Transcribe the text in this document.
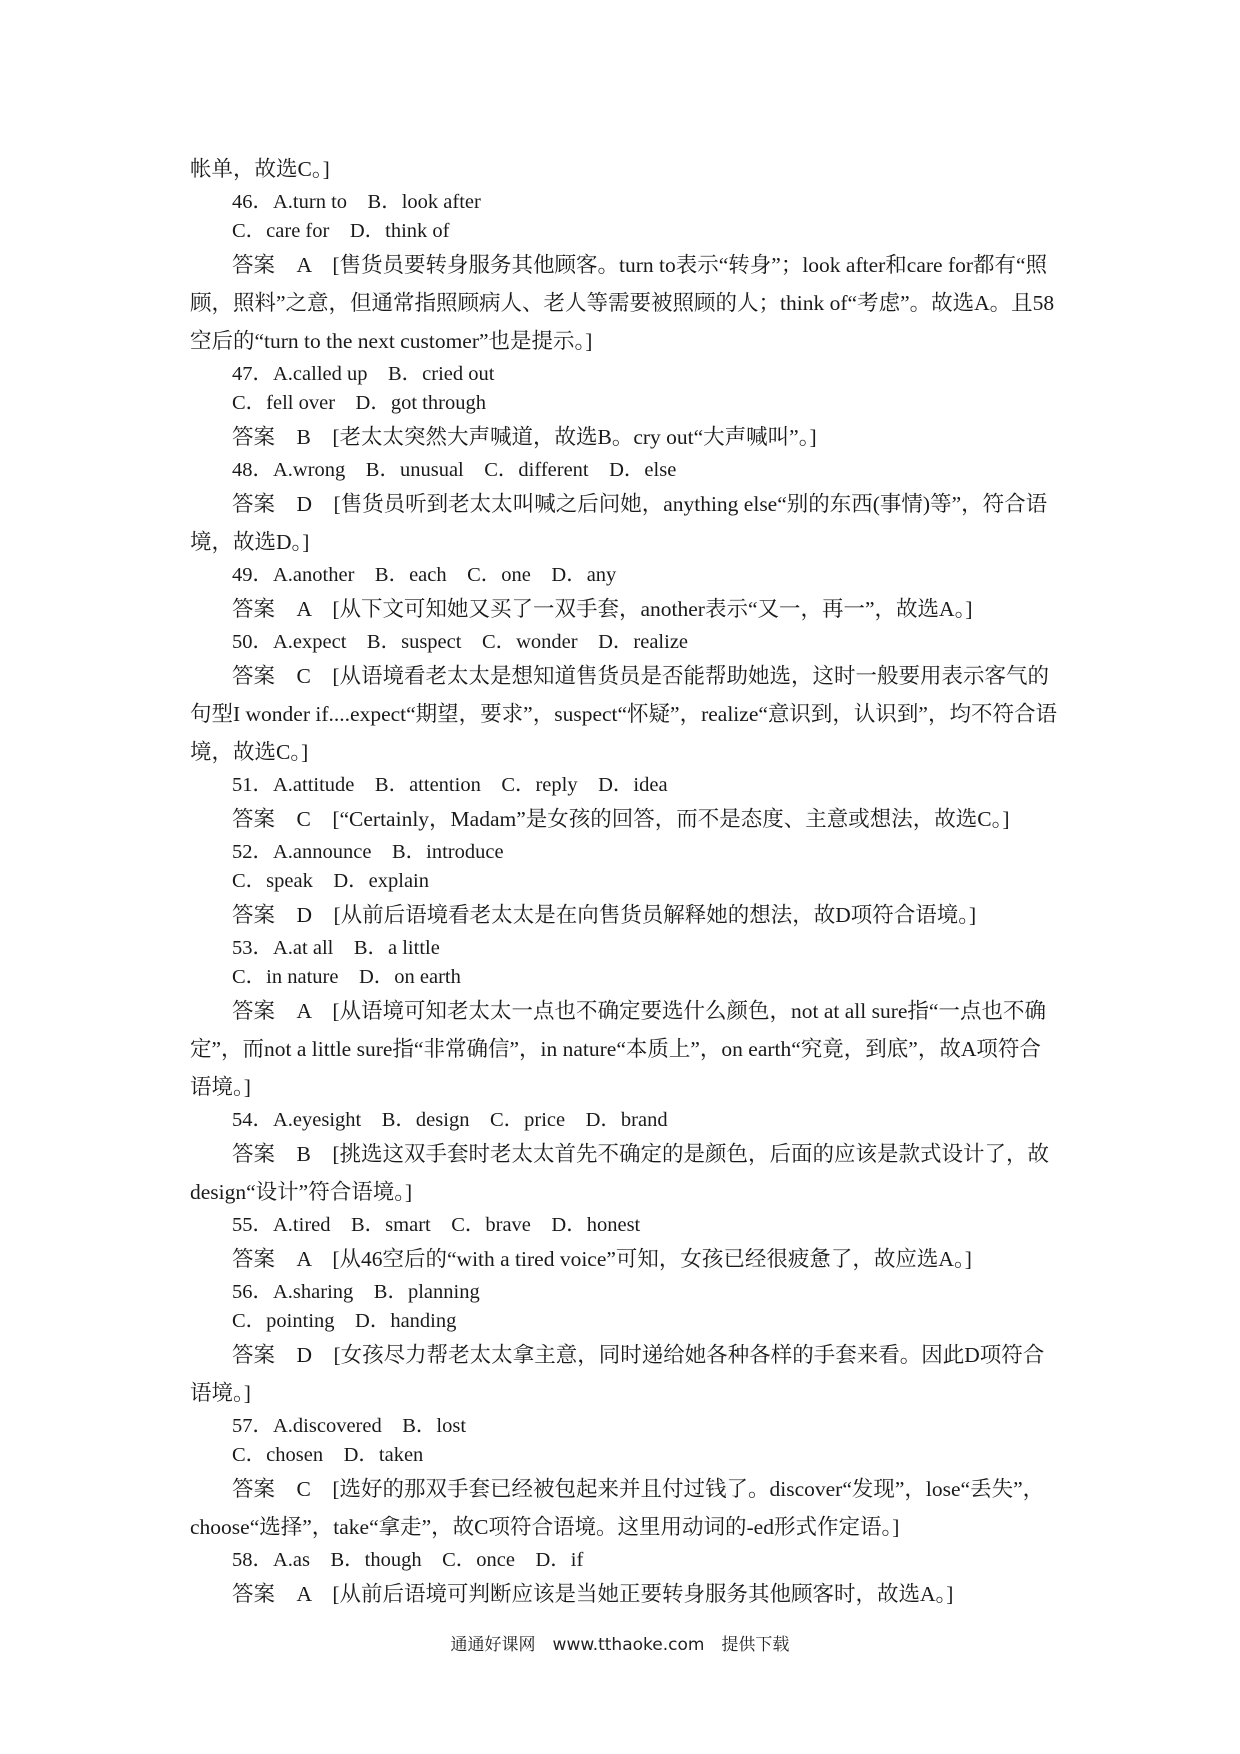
帐单，故选C。]

46．A.turn to　B．look after

C．care for　D．think of

答案　A　[售货员要转身服务其他顾客。turn to表示“转身”；look after和care for都有“照顾，照料”之意，但通常指照顾病人、老人等需要被照顾的人；think of“考虑”。故选A。且58空后的“turn to the next customer”也是提示。]

47．A.called up　B．cried out

C．fell over　D．got through

答案　B　[老太太突然大声喊道，故选B。cry out“大声喊叫”。]

48．A.wrong　B．unusual　C．different　D．else

答案　D　[售货员听到老太太叫喊之后问她，anything else“别的东西(事情)等”，符合语境，故选D。]

49．A.another　B．each　C．one　D．any

答案　A　[从下文可知她又买了一双手套，another表示“又一，再一”，故选A。]

50．A.expect　B．suspect　C．wonder　D．realize

答案　C　[从语境看老太太是想知道售货员是否能帮助她选，这时一般要用表示客气的句型I wonder if....expect“期望，要求”，suspect“怀疑”，realize“意识到，认识到”，均不符合语境，故选C。]

51．A.attitude　B．attention　C．reply　D．idea

答案　C　[“Certainly，Madam”是女孩的回答，而不是态度、主意或想法，故选C。]

52．A.announce　B．introduce

C．speak　D．explain

答案　D　[从前后语境看老太太是在向售货员解释她的想法，故D项符合语境。]

53．A.at all　B．a little

C．in nature　D．on earth

答案　A　[从语境可知老太太一点也不确定要选什么颜色，not at all sure指“一点也不确定”，而not a little sure指“非常确信”，in nature“本质上”，on earth“究竟，到底”，故A项符合语境。]

54．A.eyesight　B．design　C．price　D．brand

答案　B　[挑选这双手套时老太太首先不确定的是颜色，后面的应该是款式设计了，故design“设计”符合语境。]

55．A.tired　B．smart　C．brave　D．honest

答案　A　[从46空后的“with a tired voice”可知，女孩已经很疲惫了，故应选A。]

56．A.sharing　B．planning

C．pointing　D．handing

答案　D　[女孩尽力帮老太太拿主意，同时递给她各种各样的手套来看。因此D项符合语境。]

57．A.discovered　B．lost

C．chosen　D．taken

答案　C　[选好的那双手套已经被包起来并且付过钱了。discover“发现”，lose“丢失”，choose“选择”，take“拿走”，故C项符合语境。这里用动词的-ed形式作定语。]

58．A.as　B．though　C．once　D．if

答案　A　[从前后语境可判断应该是当她正要转身服务其他顾客时，故选A。]

通通好课网　www.tthaoke.com　提供下载
